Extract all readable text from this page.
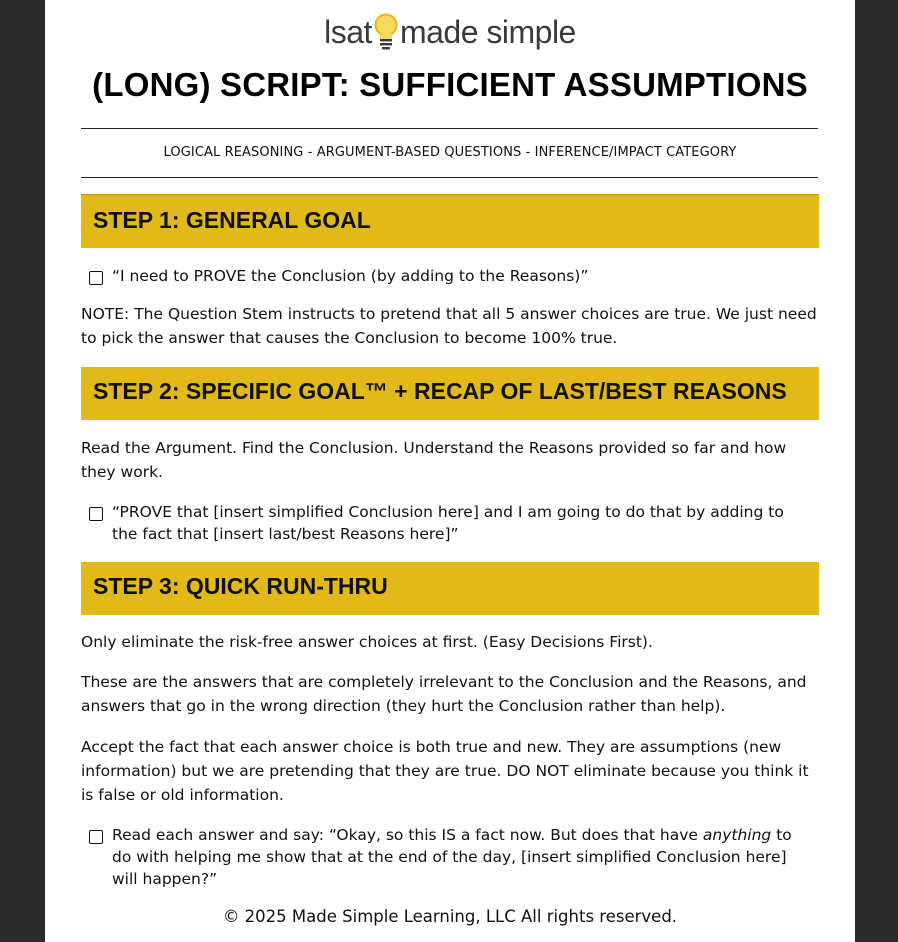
lsat made simple
(LONG) SCRIPT: SUFFICIENT ASSUMPTIONS
LOGICAL REASONING - ARGUMENT-BASED QUESTIONS - INFERENCE/IMPACT CATEGORY
STEP 1: GENERAL GOAL

“I need to PROVE the Conclusion (by adding to the Reasons)”

NOTE: The Question Stem instructs to pretend that all 5 answer choices are true. We just need to pick the answer that causes the Conclusion to become 100% true.

STEP 2: SPECIFIC GOAL™ + RECAP OF LAST/BEST REASONS

Read the Argument. Find the Conclusion. Understand the Reasons provided so far and how they work.

“PROVE that [insert simplified Conclusion here] and I am going to do that by adding to the fact that [insert last/best Reasons here]”

STEP 3: QUICK RUN-THRU

Only eliminate the risk-free answer choices at first. (Easy Decisions First).

These are the answers that are completely irrelevant to the Conclusion and the Reasons, and answers that go in the wrong direction (they hurt the Conclusion rather than help).

Accept the fact that each answer choice is both true and new. They are assumptions (new information) but we are pretending that they are true. DO NOT eliminate because you think it is false or old information.

Read each answer and say: “Okay, so this IS a fact now. But does that have anything to do with helping me show that at the end of the day, [insert simplified Conclusion here] will happen?”

© 2025 Made Simple Learning, LLC All rights reserved.
